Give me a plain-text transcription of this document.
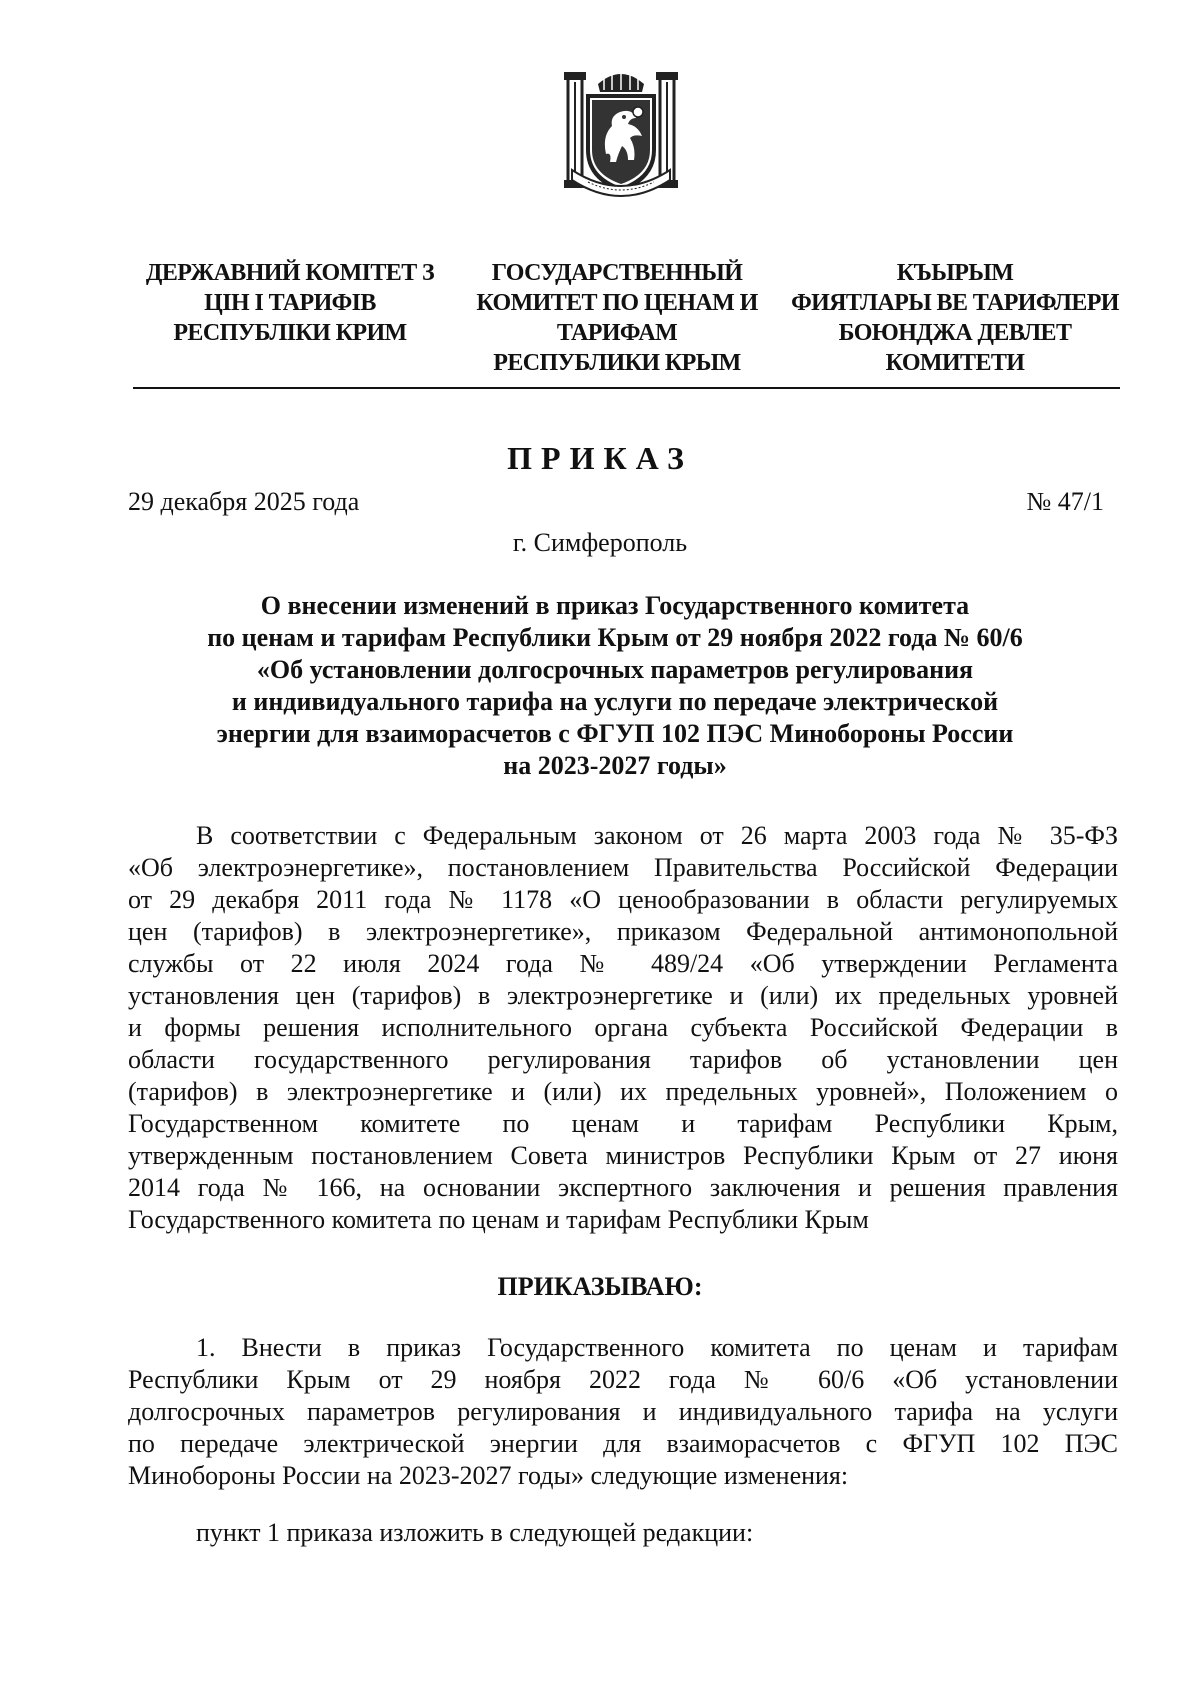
ДЕРЖАВНИЙ КОМІТЕТ З
ЦІН І ТАРИФІВ
РЕСПУБЛІКИ КРИМ
ГОСУДАРСТВЕННЫЙ
КОМИТЕТ ПО ЦЕНАМ И
ТАРИФАМ
РЕСПУБЛИКИ КРЫМ
КЪЫРЫМ
ФИЯТЛАРЫ ВЕ ТАРИФЛЕРИ
БОЮНДЖА ДЕВЛЕТ
КОМИТЕТИ
ПРИКАЗ
29 декабря 2025 года	№ 47/1
г. Симферополь
О внесении изменений в приказ Государственного комитета
по ценам и тарифам Республики Крым от 29 ноября 2022 года № 60/6
«Об установлении долгосрочных параметров регулирования
и индивидуального тарифа на услуги по передаче электрической
энергии для взаиморасчетов с ФГУП 102 ПЭС Минобороны России
на 2023-2027 годы»
В соответствии с Федеральным законом от 26 марта 2003 года № 35-ФЗ
«Об электроэнергетике», постановлением Правительства Российской Федерации
от 29 декабря 2011 года № 1178 «О ценообразовании в области регулируемых
цен (тарифов) в электроэнергетике», приказом Федеральной антимонопольной
службы от 22 июля 2024 года № 489/24 «Об утверждении Регламента
установления цен (тарифов) в электроэнергетике и (или) их предельных уровней
и формы решения исполнительного органа субъекта Российской Федерации в
области государственного регулирования тарифов об установлении цен
(тарифов) в электроэнергетике и (или) их предельных уровней», Положением о
Государственном комитете по ценам и тарифам Республики Крым,
утвержденным постановлением Совета министров Республики Крым от 27 июня
2014 года № 166, на основании экспертного заключения и решения правления
Государственного комитета по ценам и тарифам Республики Крым
ПРИКАЗЫВАЮ:
1. Внести в приказ Государственного комитета по ценам и тарифам
Республики Крым от 29 ноября 2022 года № 60/6 «Об установлении
долгосрочных параметров регулирования и индивидуального тарифа на услуги
по передаче электрической энергии для взаиморасчетов с ФГУП 102 ПЭС
Минобороны России на 2023-2027 годы» следующие изменения:
пункт 1 приказа изложить в следующей редакции:
